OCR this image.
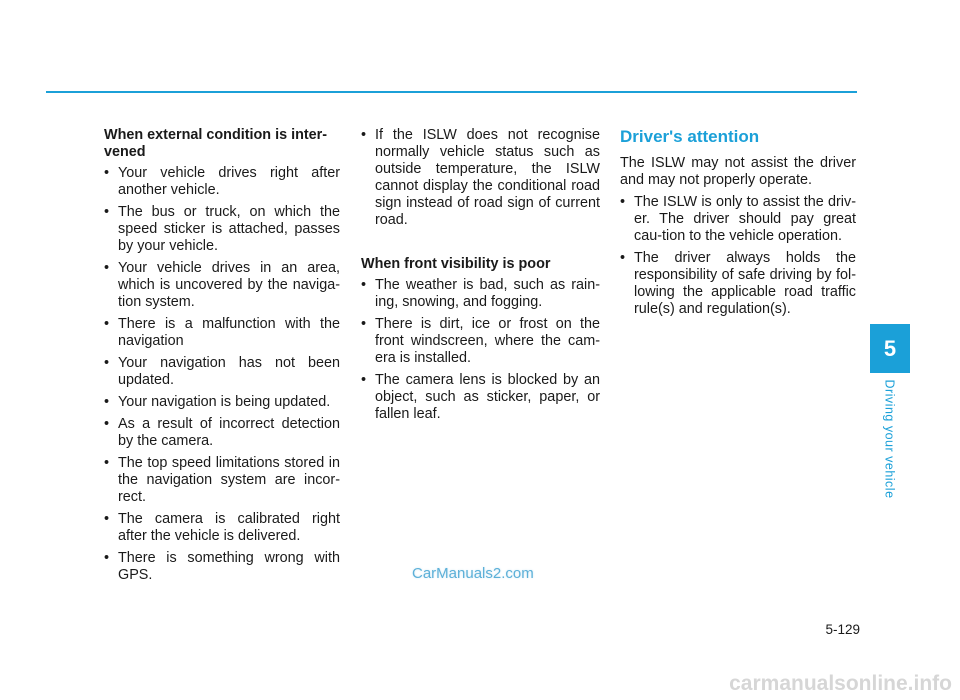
When external condition is inter-vened

• Your vehicle drives right after another vehicle.
• The bus or truck, on which the speed sticker is attached, passes by your vehicle.
• Your vehicle drives in an area, which is uncovered by the naviga-tion system.
• There is a malfunction with the navigation
• Your navigation has not been updated.
• Your navigation is being updated.
• As a result of incorrect detection by the camera.
• The top speed limitations stored in the navigation system are incor-rect.
• The camera is calibrated right after the vehicle is delivered.
• There is something wrong with GPS.
• If the ISLW does not recognise normally vehicle status such as outside temperature, the ISLW cannot display the conditional road sign instead of road sign of current road.

When front visibility is poor

• The weather is bad, such as rain-ing, snowing, and fogging.
• There is dirt, ice or frost on the front windscreen, where the cam-era is installed.
• The camera lens is blocked by an object, such as sticker, paper, or fallen leaf.

Driver's attention

The ISLW may not assist the driver and may not properly operate.

• The ISLW is only to assist the driv-er. The driver should pay great cau-tion to the vehicle operation.
• The driver always holds the responsibility of safe driving by fol-lowing the applicable road traffic rule(s) and regulation(s).
5
Driving your vehicle
5-129
CarManuals2.com
carmanualsonline.info
